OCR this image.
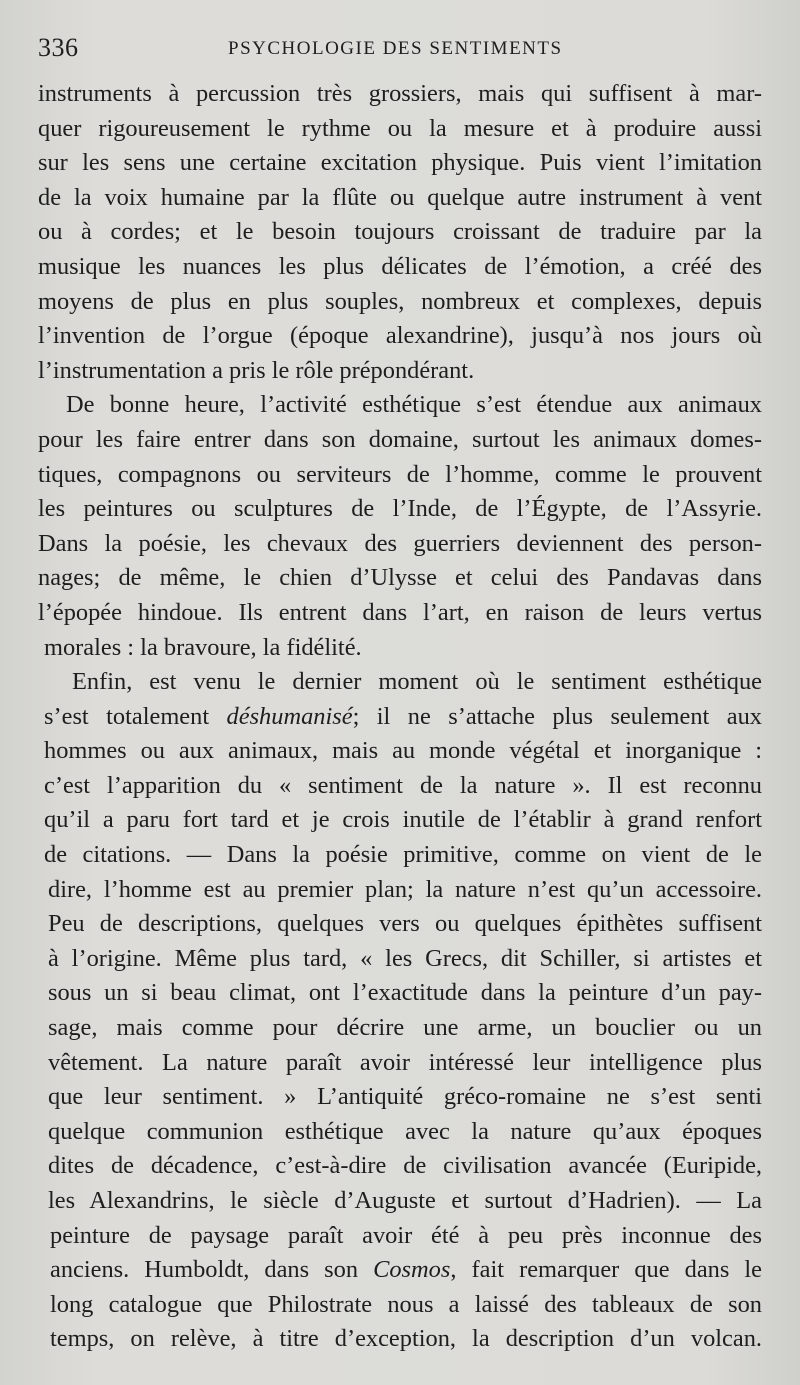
336	PSYCHOLOGIE DES SENTIMENTS
instruments à percussion très grossiers, mais qui suffisent à mar-
quer rigoureusement le rythme ou la mesure et à produire aussi
sur les sens une certaine excitation physique. Puis vient l’imitation
de la voix humaine par la flûte ou quelque autre instrument à vent
ou à cordes; et le besoin toujours croissant de traduire par la
musique les nuances les plus délicates de l’émotion, a créé des
moyens de plus en plus souples, nombreux et complexes, depuis
l’invention de l’orgue (époque alexandrine), jusqu’à nos jours où
l’instrumentation a pris le rôle prépondérant.
De bonne heure, l’activité esthétique s’est étendue aux animaux
pour les faire entrer dans son domaine, surtout les animaux domes-
tiques, compagnons ou serviteurs de l’homme, comme le prouvent
les peintures ou sculptures de l’Inde, de l’Égypte, de l’Assyrie.
Dans la poésie, les chevaux des guerriers deviennent des person-
nages; de même, le chien d’Ulysse et celui des Pandavas dans
l’épopée hindoue. Ils entrent dans l’art, en raison de leurs vertus
morales : la bravoure, la fidélité.
Enfin, est venu le dernier moment où le sentiment esthétique
s’est totalement déshumanisé; il ne s’attache plus seulement aux
hommes ou aux animaux, mais au monde végétal et inorganique :
c’est l’apparition du « sentiment de la nature ». Il est reconnu
qu’il a paru fort tard et je crois inutile de l’établir à grand renfort
de citations. — Dans la poésie primitive, comme on vient de le
dire, l’homme est au premier plan; la nature n’est qu’un accessoire.
Peu de descriptions, quelques vers ou quelques épithètes suffisent
à l’origine. Même plus tard, « les Grecs, dit Schiller, si artistes et
sous un si beau climat, ont l’exactitude dans la peinture d’un pay-
sage, mais comme pour décrire une arme, un bouclier ou un
vêtement. La nature paraît avoir intéressé leur intelligence plus
que leur sentiment. » L’antiquité gréco-romaine ne s’est senti
quelque communion esthétique avec la nature qu’aux époques
dites de décadence, c’est-à-dire de civilisation avancée (Euripide,
les Alexandrins, le siècle d’Auguste et surtout d’Hadrien). — La
peinture de paysage paraît avoir été à peu près inconnue des
anciens. Humboldt, dans son Cosmos, fait remarquer que dans le
long catalogue que Philostrate nous a laissé des tableaux de son
temps, on relève, à titre d’exception, la description d’un volcan.
